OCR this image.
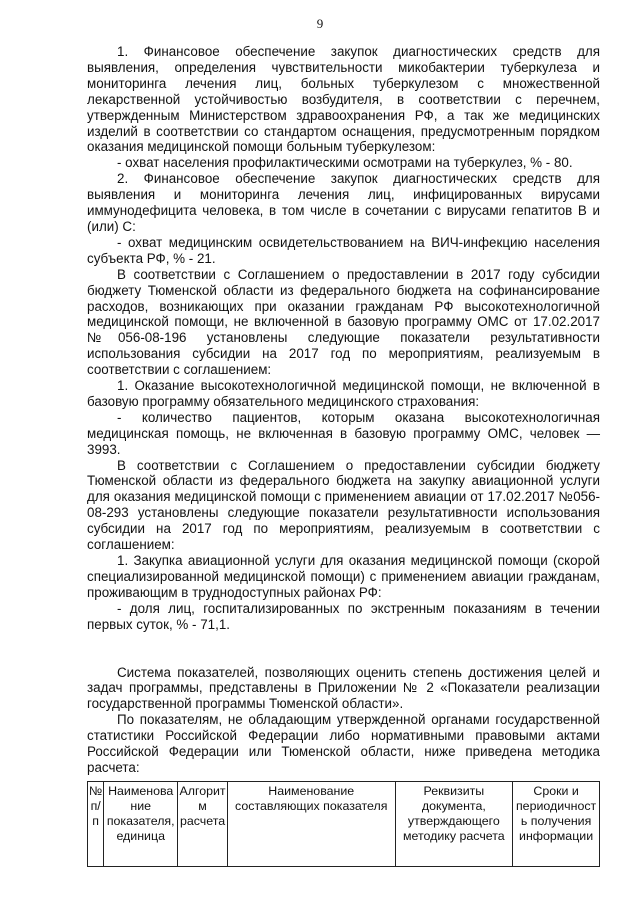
9

1. Финансовое обеспечение закупок диагностических средств для выявления, определения чувствительности микобактерии туберкулеза и мониторинга лечения лиц, больных туберкулезом с множественной лекарственной устойчивостью возбудителя, в соответствии с перечнем, утвержденным Министерством здравоохранения РФ, а так же медицинских изделий в соответствии со стандартом оснащения, предусмотренным порядком оказания медицинской помощи больным туберкулезом:

- охват населения профилактическими осмотрами на туберкулез, % - 80.

2. Финансовое обеспечение закупок диагностических средств для выявления и мониторинга лечения лиц, инфицированных вирусами иммунодефицита человека, в том числе в сочетании с вирусами гепатитов В и (или) С:

- охват медицинским освидетельствованием на ВИЧ-инфекцию населения субъекта РФ, % - 21.

В соответствии с Соглашением о предоставлении в 2017 году субсидии бюджету Тюменской области из федерального бюджета на софинансирование расходов, возникающих при оказании гражданам РФ высокотехнологичной медицинской помощи, не включенной в базовую программу ОМС от 17.02.2017 №056-08-196 установлены следующие показатели результативности использования субсидии на 2017 год по мероприятиям, реализуемым в соответствии с соглашением:

1. Оказание высокотехнологичной медицинской помощи, не включенной в базовую программу обязательного медицинского страхования:

- количество пациентов, которым оказана высокотехнологичная медицинская помощь, не включенная в базовую программу ОМС, человек — 3993.

В соответствии с Соглашением о предоставлении субсидии бюджету Тюменской области из федерального бюджета на закупку авиационной услуги для оказания медицинской помощи с применением авиации от 17.02.2017 №056-08-293 установлены следующие показатели результативности использования субсидии на 2017 год по мероприятиям, реализуемым в соответствии с соглашением:

1. Закупка авиационной услуги для оказания медицинской помощи (скорой специализированной медицинской помощи) с применением авиации гражданам, проживающим в труднодоступных районах РФ:

- доля лиц, госпитализированных по экстренным показаниям в течении первых суток, % - 71,1.

Система показателей, позволяющих оценить степень достижения целей и задач программы, представлены в Приложении № 2 «Показатели реализации государственной программы Тюменской области».

По показателям, не обладающим утвержденной органами государственной статистики Российской Федерации либо нормативными правовыми актами Российской Федерации или Тюменской области, ниже приведена методика расчета:

№ п/п	Наименование показателя, единица	Алгоритм расчета	Наименование составляющих показателя	Реквизиты документа, утверждающего методику расчета	Сроки и периодичность получения информации
